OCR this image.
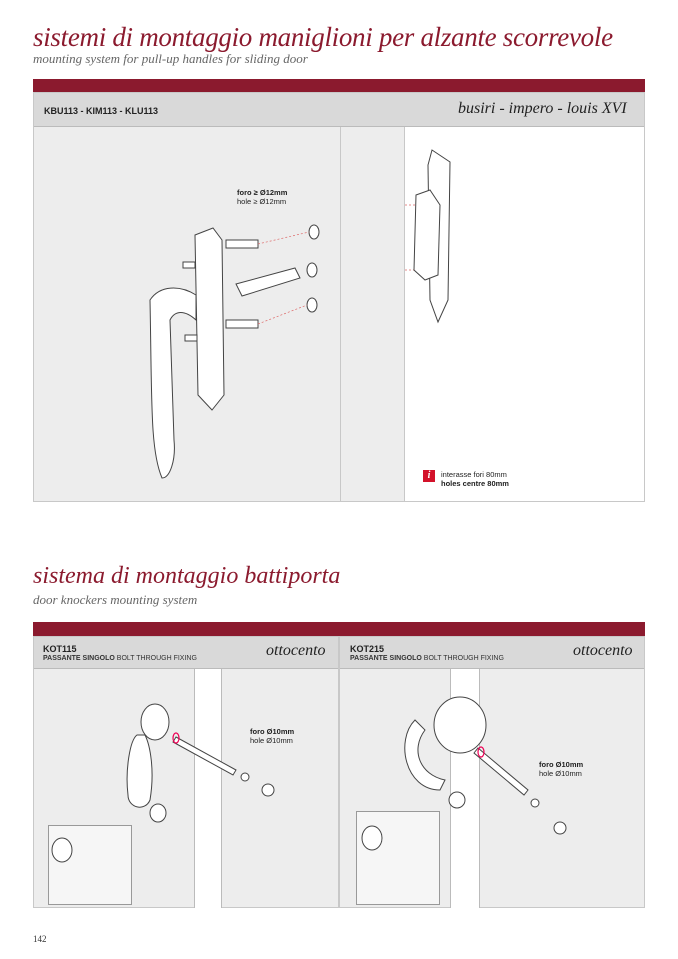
sistemi di montaggio maniglioni per alzante scorrevole
mounting system for pull-up handles for sliding door
KBU113 - KIM113 - KLU113	busiri - impero - louis XVI
foro ≥ Ø12mm
hole ≥ Ø12mm
i	interasse fori 80mm
holes centre 80mm
sistema di montaggio battiporta
door knockers mounting system
KOT115
PASSANTE SINGOLO BOLT THROUGH FIXING	ottocento
foro Ø10mm
hole Ø10mm
KOT215
PASSANTE SINGOLO BOLT THROUGH FIXING	ottocento
foro Ø10mm
hole Ø10mm
142
